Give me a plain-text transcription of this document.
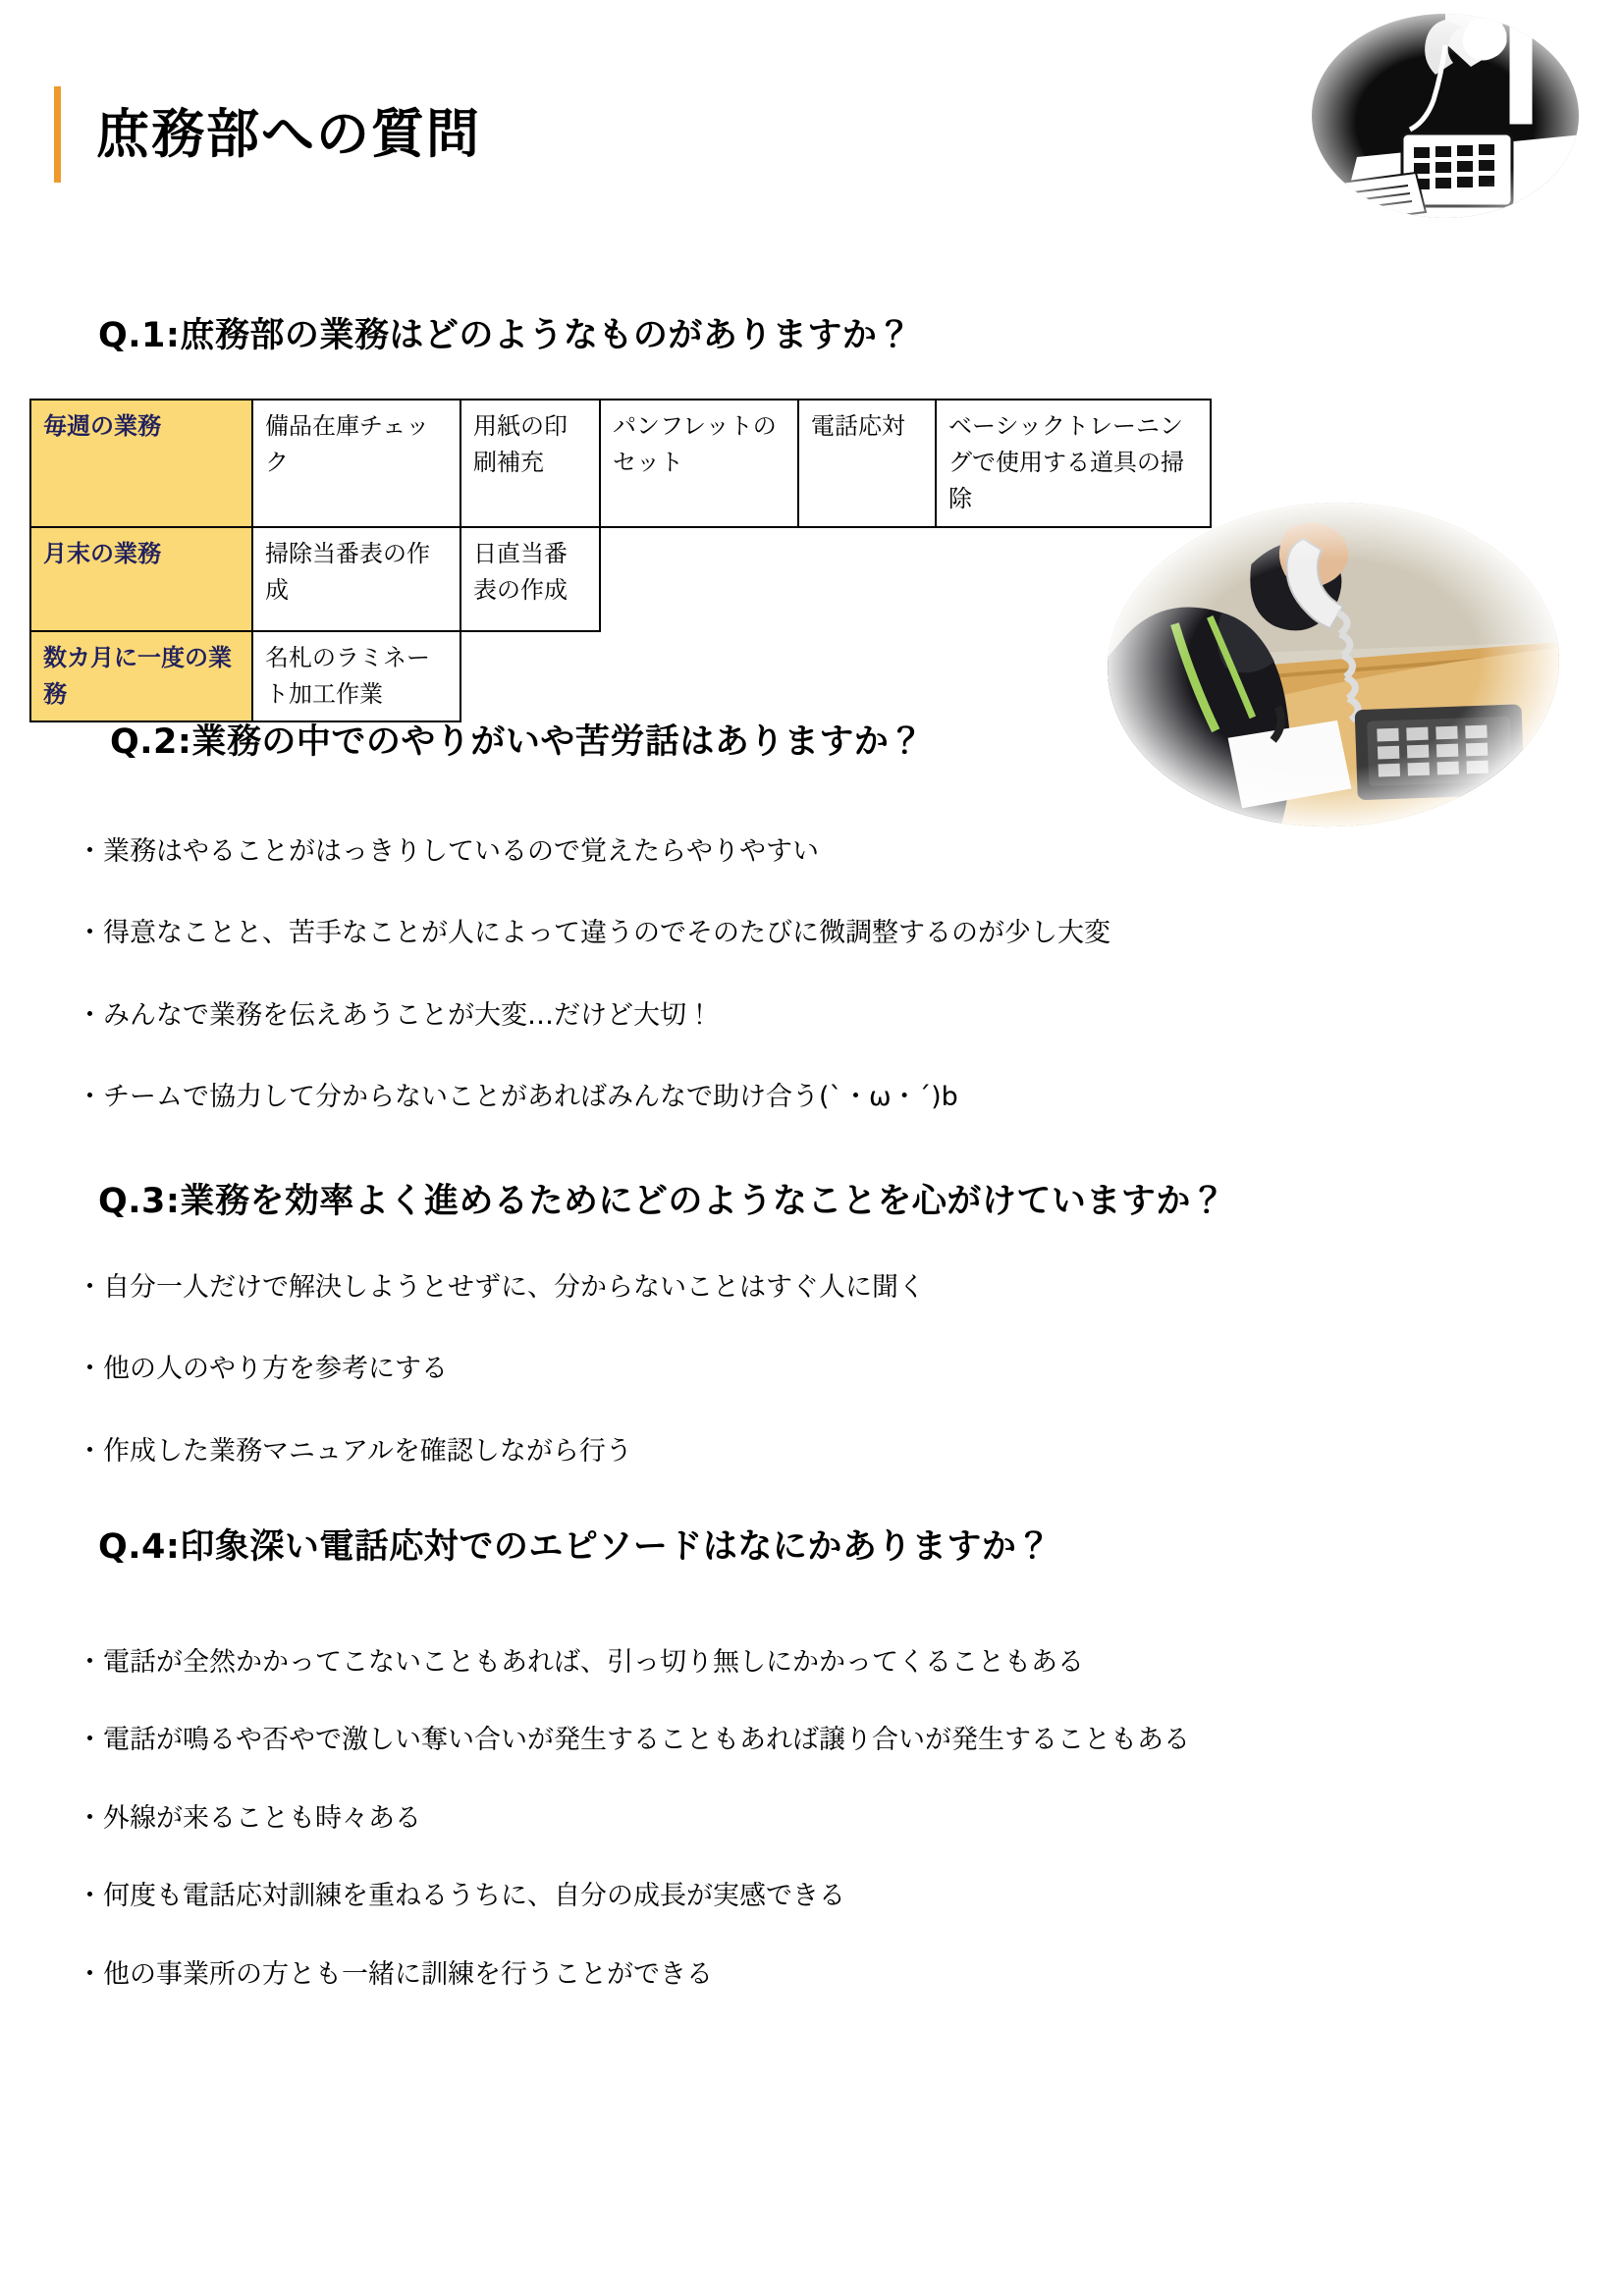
庶務部への質問
Q.1:庶務部の業務はどのようなものがありますか？
毎週の業務	備品在庫チェック	用紙の印刷補充	パンフレットのセット	電話応対	ベーシックトレーニングで使用する道具の掃除
月末の業務	掃除当番表の作成	日直当番表の作成			
数カ月に一度の業務	名札のラミネート加工作業				
Q.2:業務の中でのやりがいや苦労話はありますか？
・業務はやることがはっきりしているので覚えたらやりやすい
・得意なことと、苦手なことが人によって違うのでそのたびに微調整するのが少し大変
・みんなで業務を伝えあうことが大変…だけど大切！
・チームで協力して分からないことがあればみんなで助け合う(`・ω・´)b
Q.3:業務を効率よく進めるためにどのようなことを心がけていますか？
・自分一人だけで解決しようとせずに、分からないことはすぐ人に聞く
・他の人のやり方を参考にする
・作成した業務マニュアルを確認しながら行う
Q.4:印象深い電話応対でのエピソードはなにかありますか？
・電話が全然かかってこないこともあれば、引っ切り無しにかかってくることもある
・電話が鳴るや否やで激しい奪い合いが発生することもあれば譲り合いが発生することもある
・外線が来ることも時々ある
・何度も電話応対訓練を重ねるうちに、自分の成長が実感できる
・他の事業所の方とも一緒に訓練を行うことができる
